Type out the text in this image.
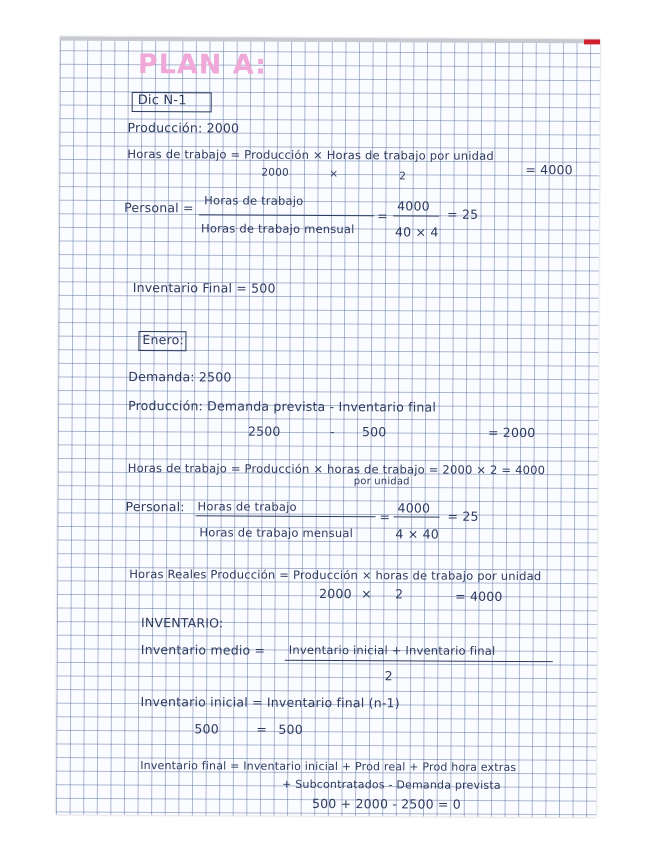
PLAN A:
Dic N-1
Producción: 2000
Horas de trabajo = Producción × Horas de trabajo por unidad
2000	×	2	= 4000
Personal = Horas de trabajo
Horas de trabajo mensual
=
4000
40 × 4
= 25
Inventario Final = 500
Enero:
Demanda: 2500
Producción: Demanda prevista - Inventario final
2500	- 500	= 2000
Horas de trabajo = Producción × horas de trabajo = 2000 × 2 = 4000
por unidad
Personal: Horas de trabajo
Horas de trabajo mensual
=
4000
4 × 40
= 25
Horas Reales Producción = Producción × horas de trabajo por unidad
2000 × 2	= 4000
INVENTARIO:
Inventario medio = Inventario inicial + Inventario final
2
Inventario inicial = Inventario final (n-1)
500	= 500
Inventario final = Inventario inicial + Prod real + Prod hora extras
+ Subcontratados - Demanda prevista
500 + 2000 - 2500 = 0
